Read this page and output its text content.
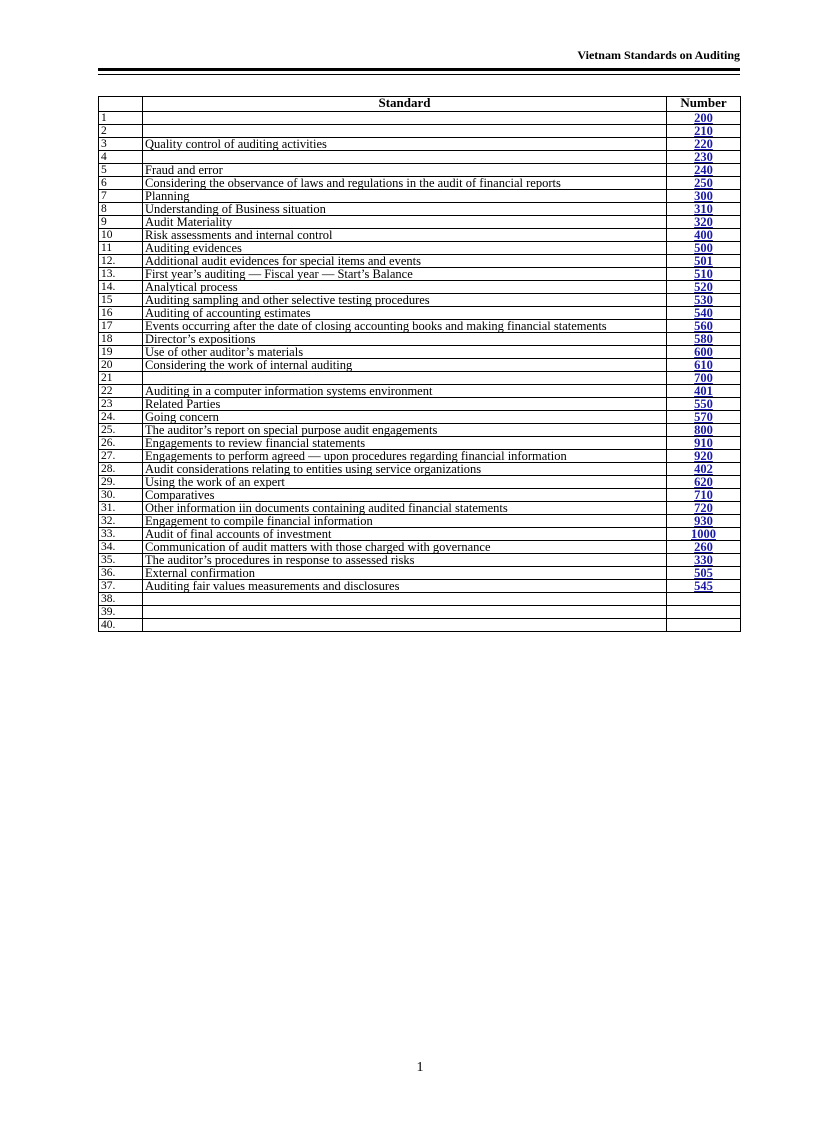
Vietnam Standards on Auditing
	Standard	Number
1		200
2		210
3	Quality control of auditing activities	220
4		230
5	Fraud and error	240
6	Considering the observance of laws and regulations in the audit of financial reports	250
7	Planning	300
8	Understanding of Business situation	310
9	Audit Materiality	320
10	Risk assessments and internal control	400
11	Auditing evidences	500
12.	Additional audit evidences for special items and events	501
13.	First year’s auditing — Fiscal year — Start’s Balance	510
14.	Analytical process	520
15	Auditing sampling and other selective testing procedures	530
16	Auditing of accounting estimates	540
17	Events occurring after the date of closing accounting books and making financial statements	560
18	Director’s expositions	580
19	Use of other auditor’s materials	600
20	Considering the work of internal auditing	610
21		700
22	Auditing in a computer information systems environment	401
23	Related Parties	550
24.	Going concern	570
25.	The auditor’s report on special purpose audit engagements	800
26.	Engagements to review financial statements	910
27.	Engagements to perform agreed — upon procedures regarding financial information	920
28.	Audit considerations relating to entities using service organizations	402
29.	Using the work of an expert	620
30.	Comparatives	710
31.	Other information iin documents containing audited financial statements	720
32.	Engagement to compile financial information	930
33.	Audit of final accounts of investment	1000
34.	Communication of audit matters with those charged with governance	260
35.	The auditor’s procedures in response to assessed risks	330
36.	External confirmation	505
37.	Auditing fair values measurements and disclosures	545
38.		
39.		
40.		
1
